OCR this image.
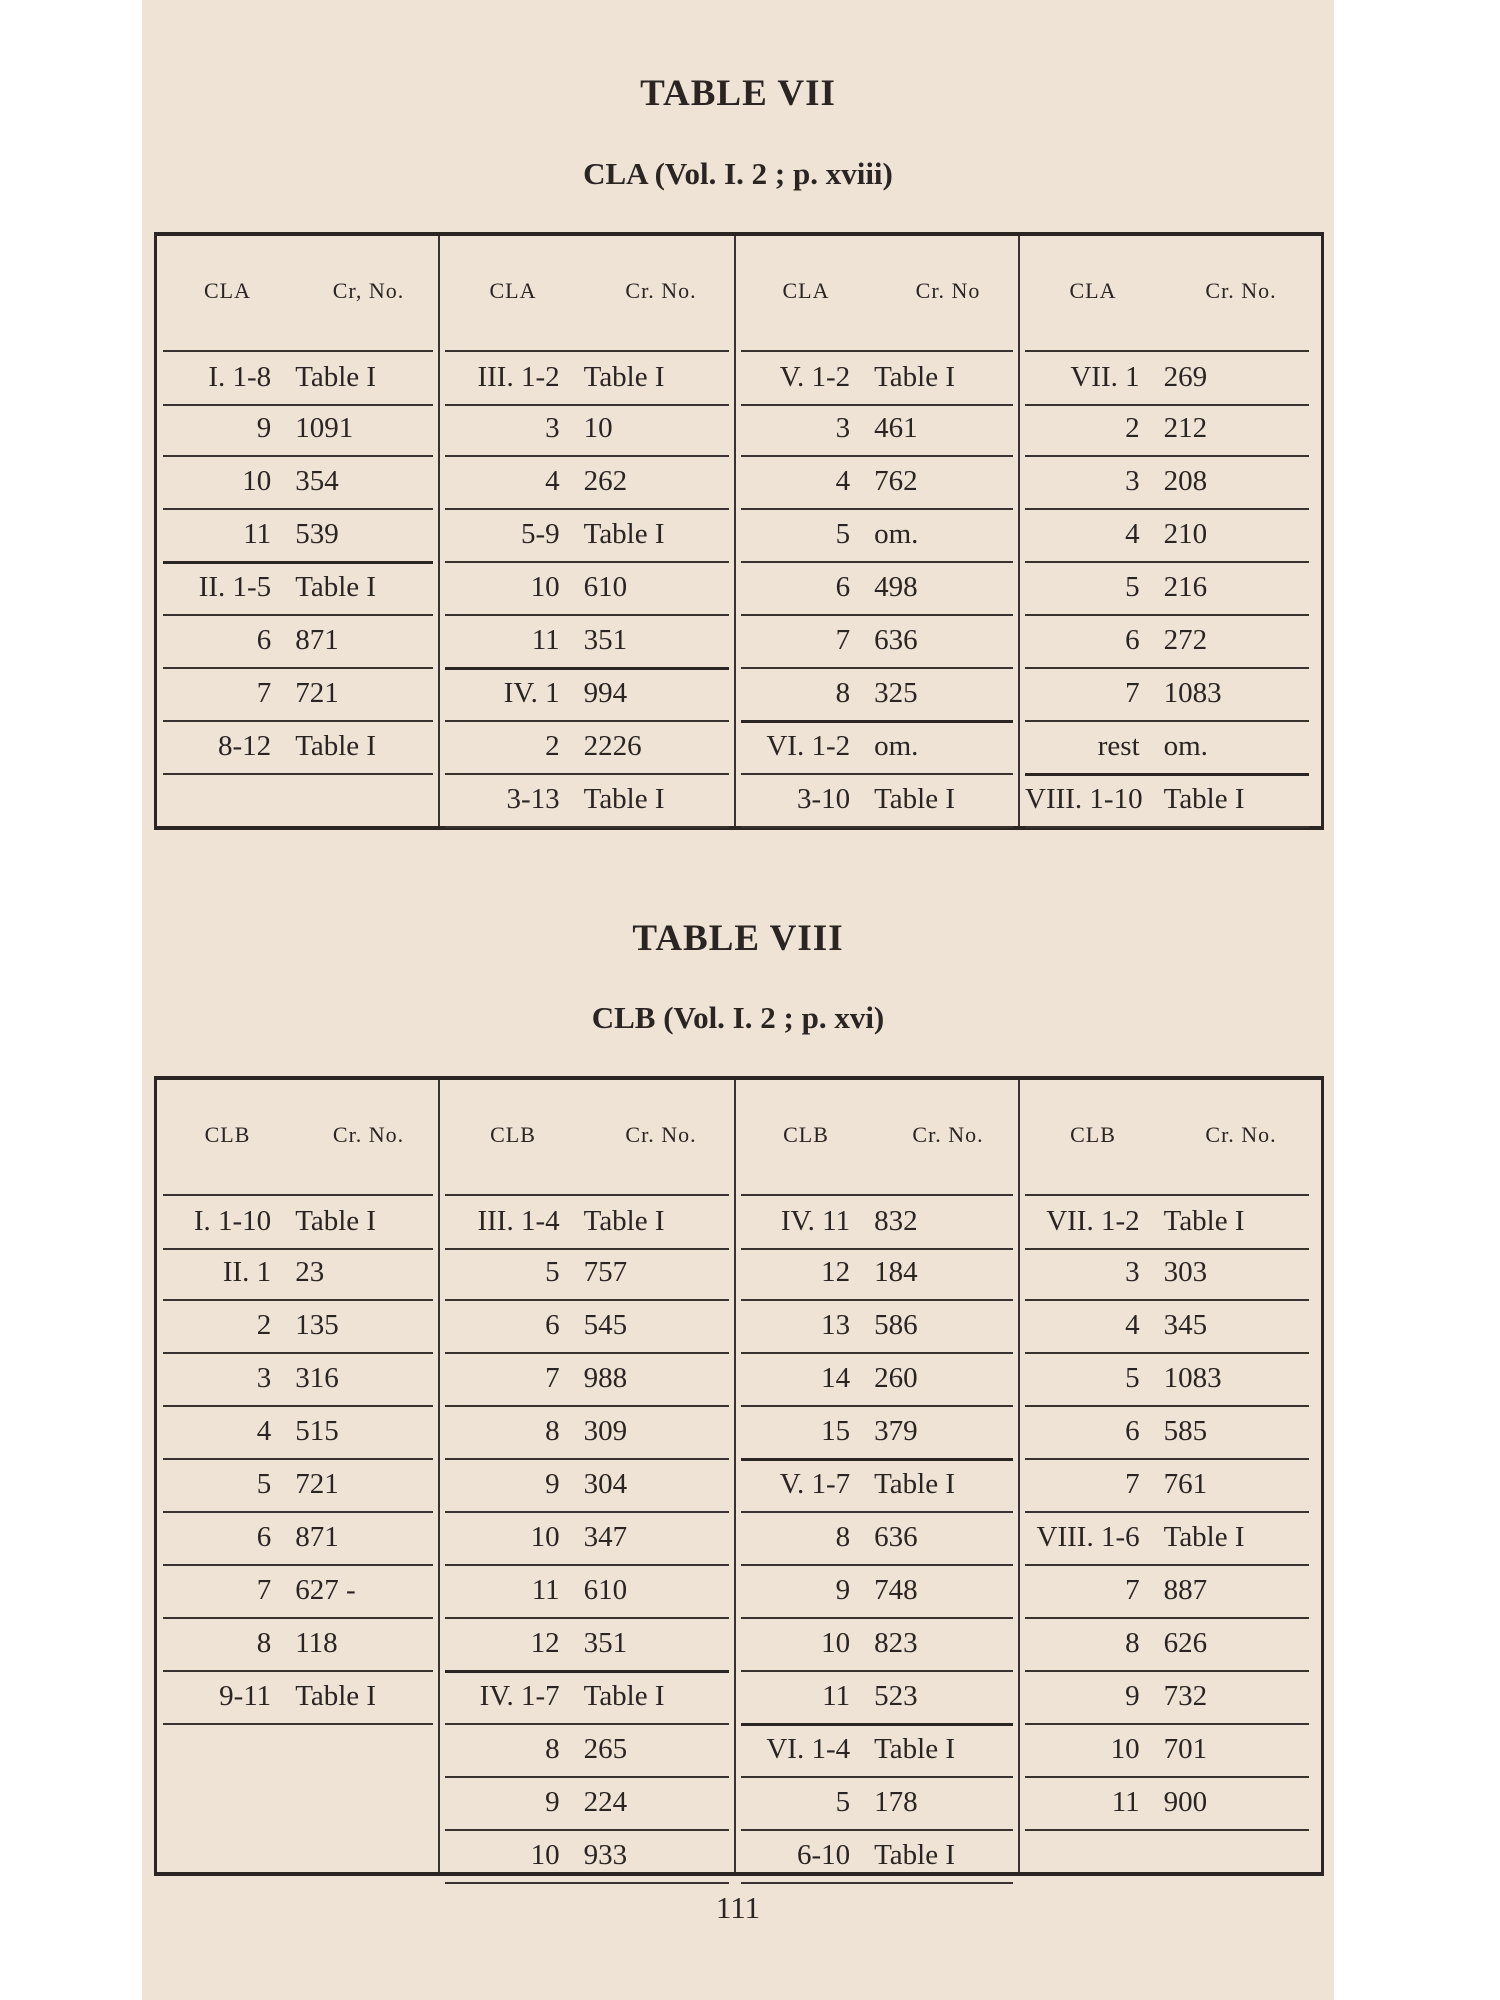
TABLE VII
CLA (Vol. I. 2 ; p. xviii)
CLA	Cr, No.
I. 1-8 Table I
9 1091
10 354
11 539
II. 1-5 Table I
6 871
7 721
8-12 Table I
CLA	Cr. No.
III. 1-2 Table I
3 10
4 262
5-9 Table I
10 610
11 351
IV. 1 994
2 2226
3-13 Table I
CLA	Cr. No
V. 1-2 Table I
3 461
4 762
5 om.
6 498
7 636
8 325
VI. 1-2 om.
3-10 Table I
CLA	Cr. No.
VII. 1 269
2 212
3 208
4 210
5 216
6 272
7 1083
rest om.
VIII. 1-10 Table I
TABLE VIII
CLB (Vol. I. 2 ; p. xvi)
CLB	Cr. No.
I. 1-10 Table I
II. 1 23
2 135
3 316
4 515
5 721
6 871
7 627 -
8 118
9-11 Table I
CLB	Cr. No.
III. 1-4 Table I
5 757
6 545
7 988
8 309
9 304
10 347
11 610
12 351
IV. 1-7 Table I
8 265
9 224
10 933
CLB	Cr. No.
IV. 11 832
12 184
13 586
14 260
15 379
V. 1-7 Table I
8 636
9 748
10 823
11 523
VI. 1-4 Table I
5 178
6-10 Table I
CLB	Cr. No.
VII. 1-2 Table I
3 303
4 345
5 1083
6 585
7 761
VIII. 1-6 Table I
7 887
8 626
9 732
10 701
11 900
111
